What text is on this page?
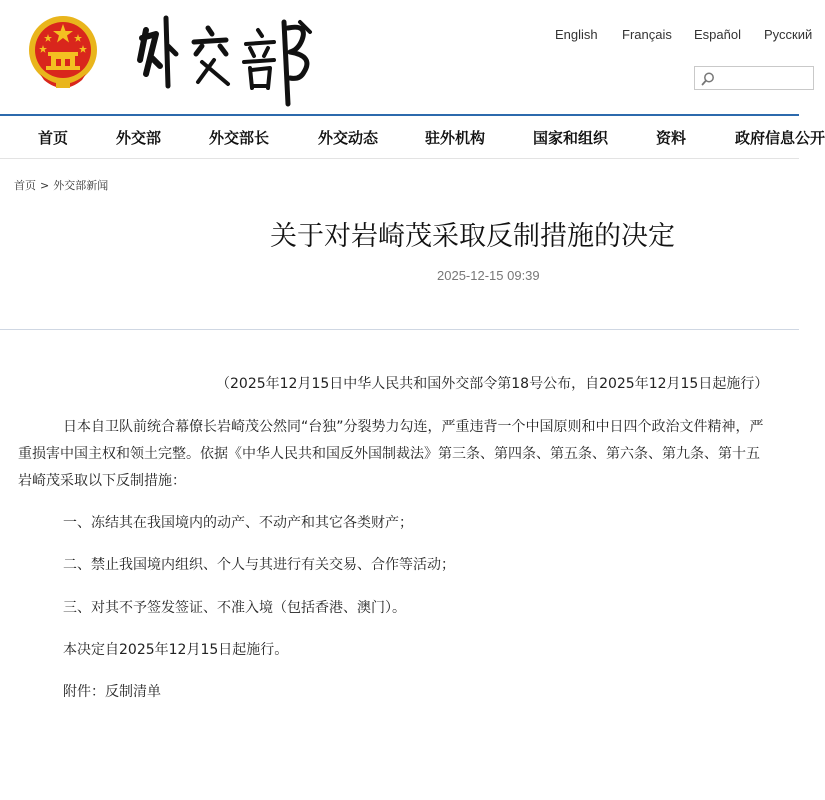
English Français Español Русский
首页	外交部	外交部长	外交动态	驻外机构	国家和组织	资料	政府信息公开
首页 > 外交部新闻
关于对岩崎茂采取反制措施的决定
2025-12-15 09:39
（2025年12月15日中华人民共和国外交部令第18号公布，自2025年12月15日起施行）
日本自卫队前统合幕僚长岩崎茂公然同“台独”分裂势力勾连，严重违背一个中国原则和中日四个政治文件精神，严
重损害中国主权和领土完整。依据《中华人民共和国反外国制裁法》第三条、第四条、第五条、第六条、第九条、第十五
岩崎茂采取以下反制措施：
一、冻结其在我国境内的动产、不动产和其它各类财产；
二、禁止我国境内组织、个人与其进行有关交易、合作等活动；
三、对其不予签发签证、不准入境（包括香港、澳门）。
本决定自2025年12月15日起施行。
附件：反制清单
